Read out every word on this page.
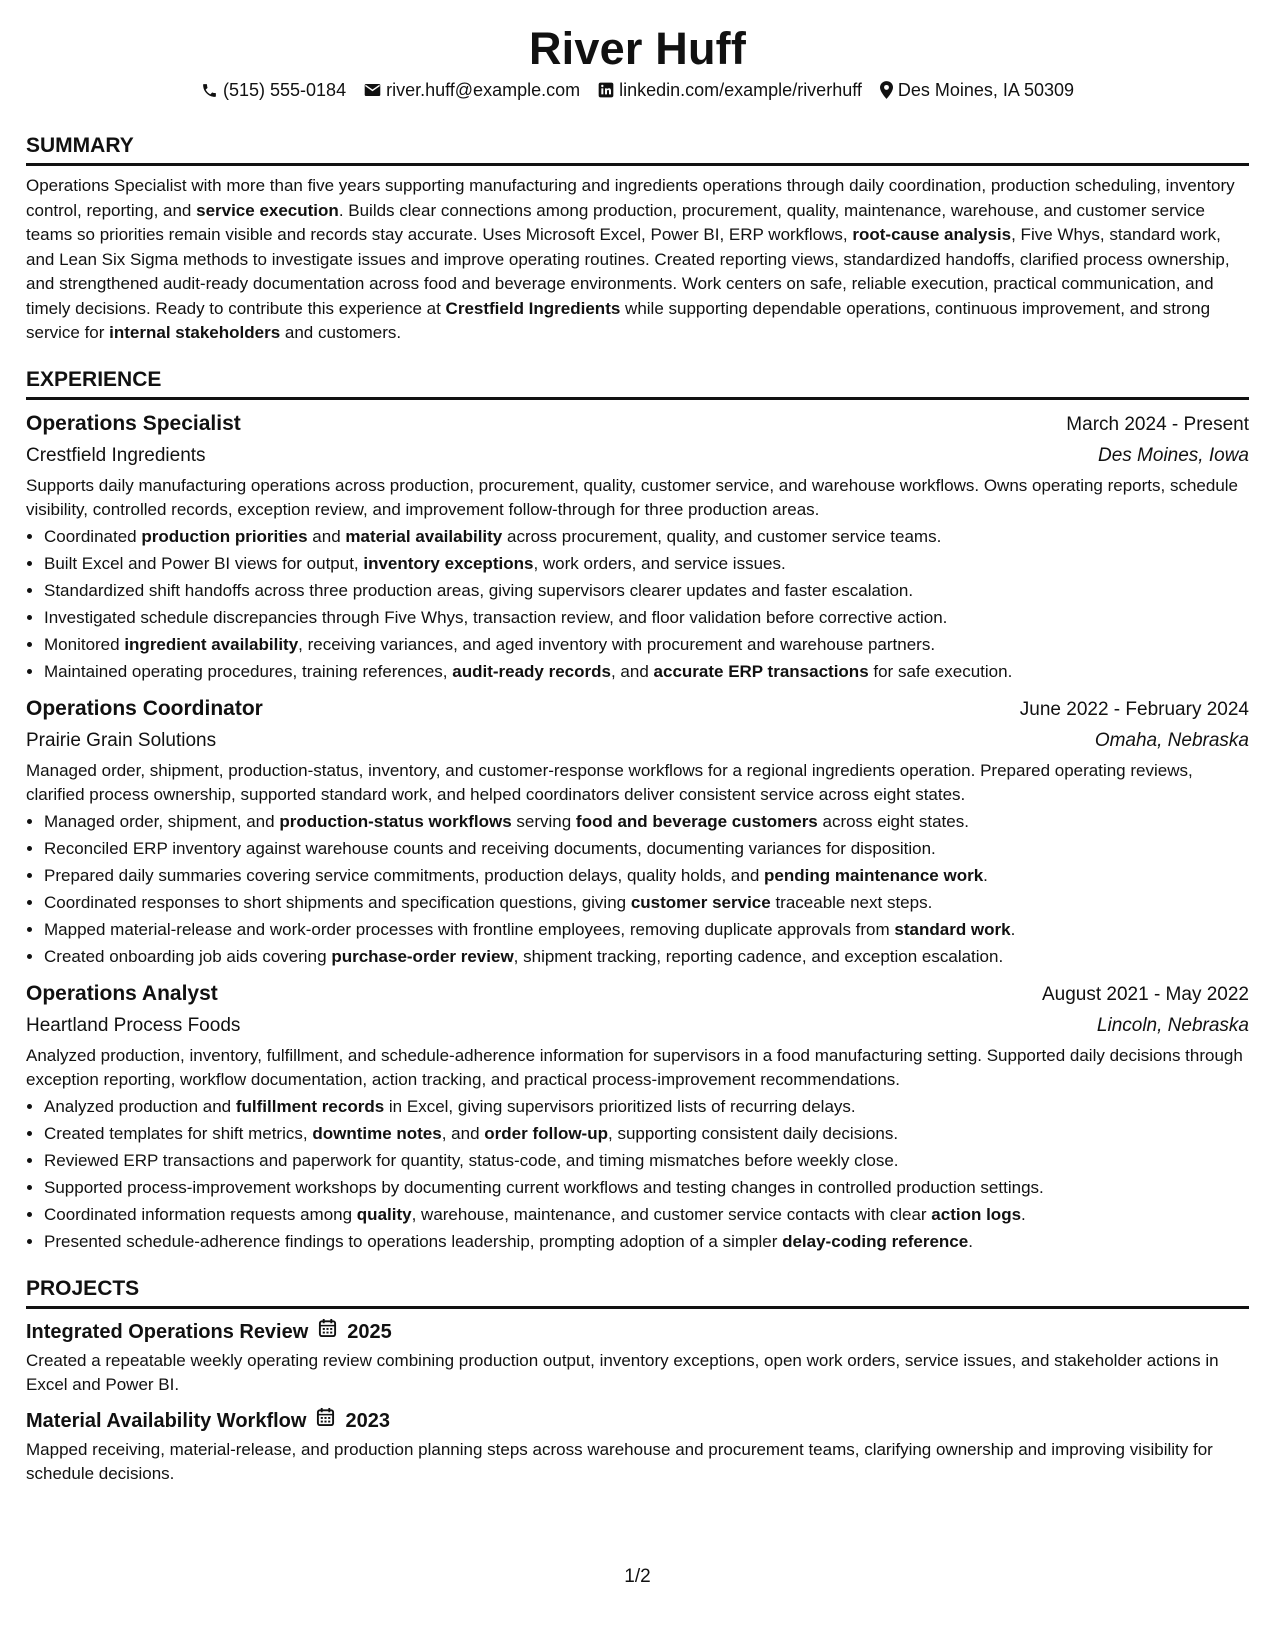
River Huff
(515) 555-0184 river.huff@example.com linkedin.com/example/riverhuff Des Moines, IA 50309
SUMMARY

Operations Specialist with more than five years supporting manufacturing and ingredients operations through daily coordination, production scheduling, inventory control, reporting, and service execution. Builds clear connections among production, procurement, quality, maintenance, warehouse, and customer service teams so priorities remain visible and records stay accurate. Uses Microsoft Excel, Power BI, ERP workflows, root-cause analysis, Five Whys, standard work, and Lean Six Sigma methods to investigate issues and improve operating routines. Created reporting views, standardized handoffs, clarified process ownership, and strengthened audit-ready documentation across food and beverage environments. Work centers on safe, reliable execution, practical communication, and timely decisions. Ready to contribute this experience at Crestfield Ingredients while supporting dependable operations, continuous improvement, and strong service for internal stakeholders and customers.

EXPERIENCE
Operations Specialist	March 2024 - Present
Crestfield Ingredients	Des Moines, Iowa
Supports daily manufacturing operations across production, procurement, quality, customer service, and warehouse workflows. Owns operating reports, schedule visibility, controlled records, exception review, and improvement follow-through for three production areas.
• Coordinated production priorities and material availability across procurement, quality, and customer service teams.
• Built Excel and Power BI views for output, inventory exceptions, work orders, and service issues.
• Standardized shift handoffs across three production areas, giving supervisors clearer updates and faster escalation.
• Investigated schedule discrepancies through Five Whys, transaction review, and floor validation before corrective action.
• Monitored ingredient availability, receiving variances, and aged inventory with procurement and warehouse partners.
• Maintained operating procedures, training references, audit-ready records, and accurate ERP transactions for safe execution.
Operations Coordinator	June 2022 - February 2024
Prairie Grain Solutions	Omaha, Nebraska
Managed order, shipment, production-status, inventory, and customer-response workflows for a regional ingredients operation. Prepared operating reviews, clarified process ownership, supported standard work, and helped coordinators deliver consistent service across eight states.
• Managed order, shipment, and production-status workflows serving food and beverage customers across eight states.
• Reconciled ERP inventory against warehouse counts and receiving documents, documenting variances for disposition.
• Prepared daily summaries covering service commitments, production delays, quality holds, and pending maintenance work.
• Coordinated responses to short shipments and specification questions, giving customer service traceable next steps.
• Mapped material-release and work-order processes with frontline employees, removing duplicate approvals from standard work.
• Created onboarding job aids covering purchase-order review, shipment tracking, reporting cadence, and exception escalation.
Operations Analyst	August 2021 - May 2022
Heartland Process Foods	Lincoln, Nebraska
Analyzed production, inventory, fulfillment, and schedule-adherence information for supervisors in a food manufacturing setting. Supported daily decisions through exception reporting, workflow documentation, action tracking, and practical process-improvement recommendations.
• Analyzed production and fulfillment records in Excel, giving supervisors prioritized lists of recurring delays.
• Created templates for shift metrics, downtime notes, and order follow-up, supporting consistent daily decisions.
• Reviewed ERP transactions and paperwork for quantity, status-code, and timing mismatches before weekly close.
• Supported process-improvement workshops by documenting current workflows and testing changes in controlled production settings.
• Coordinated information requests among quality, warehouse, maintenance, and customer service contacts with clear action logs.
• Presented schedule-adherence findings to operations leadership, prompting adoption of a simpler delay-coding reference.
PROJECTS
Integrated Operations Review 2025
Created a repeatable weekly operating review combining production output, inventory exceptions, open work orders, service issues, and stakeholder actions in Excel and Power BI.
Material Availability Workflow 2023
Mapped receiving, material-release, and production planning steps across warehouse and procurement teams, clarifying ownership and improving visibility for schedule decisions.
1/2
